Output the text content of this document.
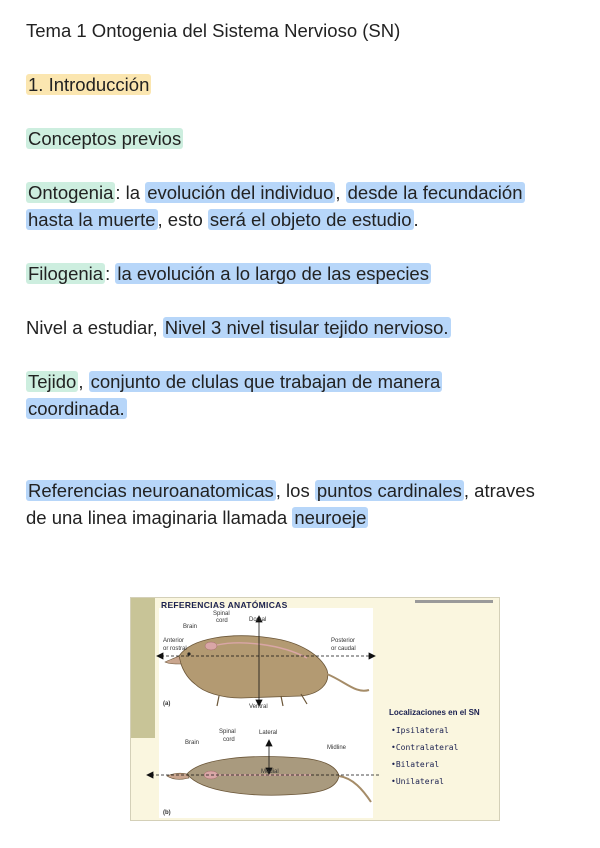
Tema 1 Ontogenia del Sistema Nervioso (SN)
1. Introducción
Conceptos previos
Ontogenia : la evolución del individuo , desde la fecundación
hasta la muerte , esto será el objeto de estudio .
Filogenia : la evolución a lo largo de las especies
Nivel a estudiar, Nivel 3 nivel tisular tejido nervioso.
Tejido , conjunto de clulas que trabajan de manera
coordinada.
Referencias neuroanatomicas , los puntos cardinales , atraves
de una linea imaginaria llamada neuroeje
REFERENCIAS ANATÓMICAS
Brain
Spinal
cord	Dorsal
Anterior
or rostral
Posterior
or caudal
Ventral
(a)
Brain
Spinal
cord
Lateral
Midline
Medial
(b)
Localizaciones en el SN
•Ipsilateral
•Contralateral
•Bilateral
•Unilateral
